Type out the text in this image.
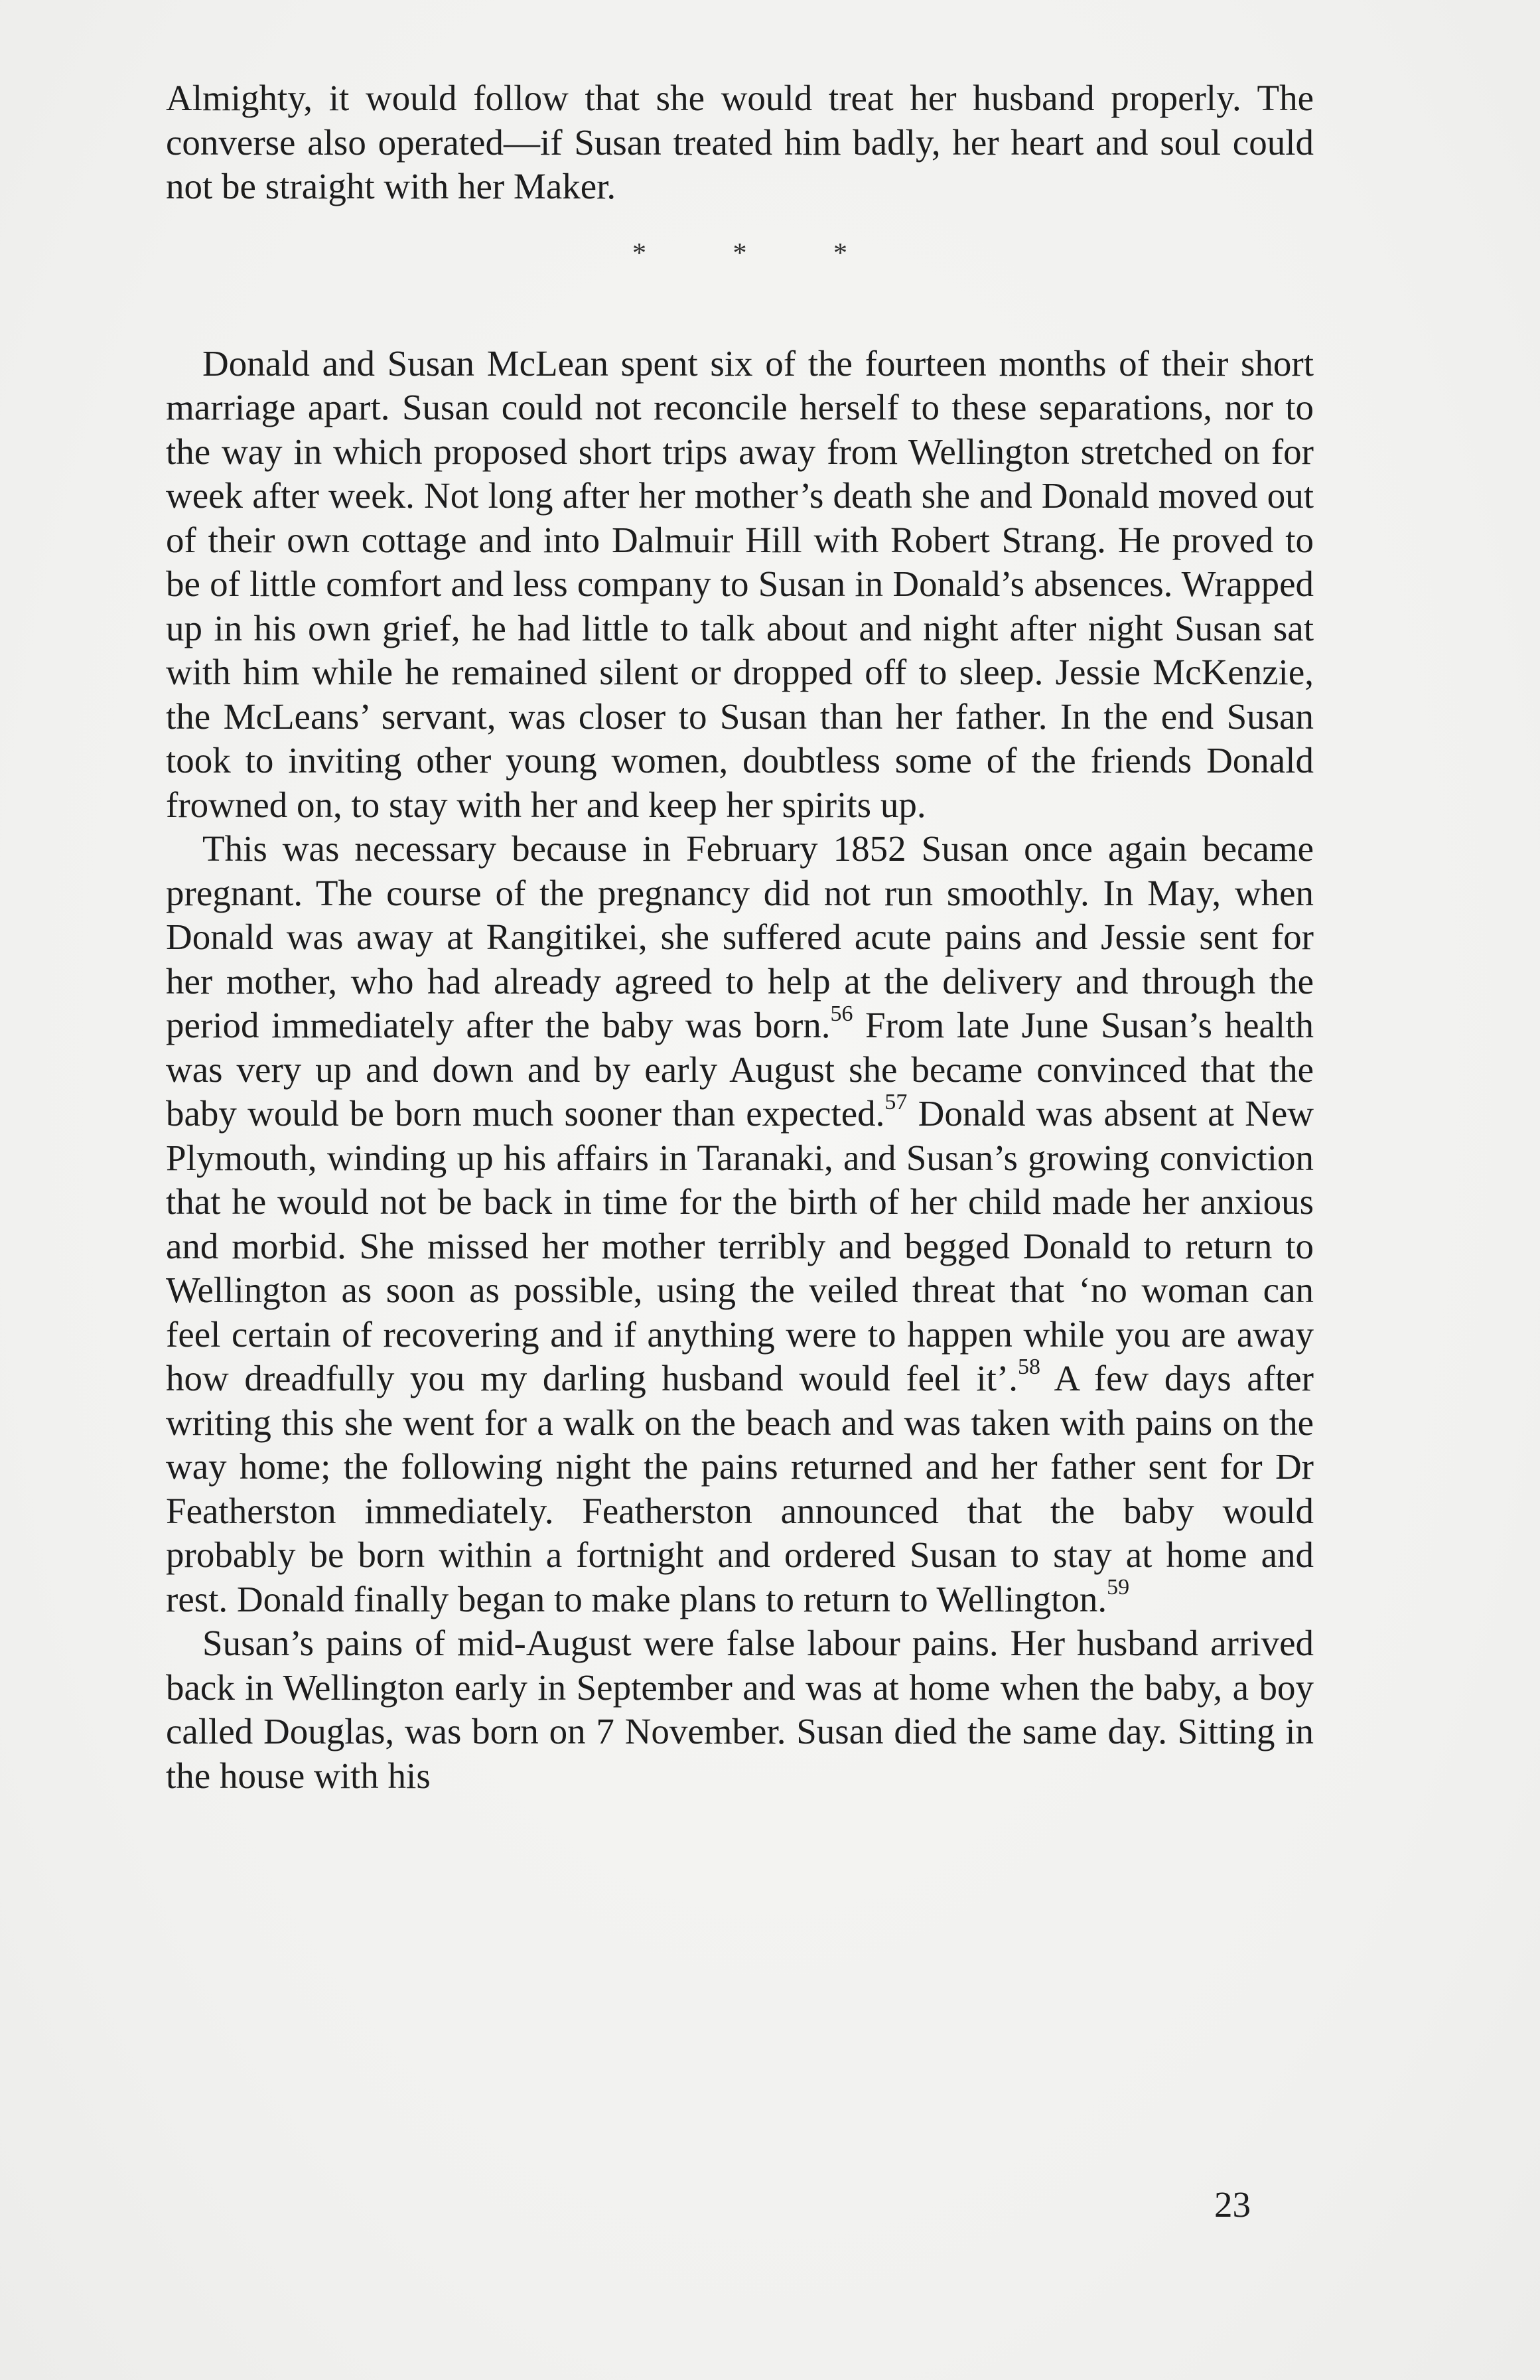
Almighty, it would follow that she would treat her husband properly. The converse also operated—if Susan treated him badly, her heart and soul could not be straight with her Maker.

* * *

Donald and Susan McLean spent six of the fourteen months of their short marriage apart. Susan could not reconcile herself to these separations, nor to the way in which proposed short trips away from Wellington stretched on for week after week. Not long after her mother’s death she and Donald moved out of their own cottage and into Dalmuir Hill with Robert Strang. He proved to be of little comfort and less company to Susan in Donald’s absences. Wrapped up in his own grief, he had little to talk about and night after night Susan sat with him while he remained silent or dropped off to sleep. Jessie McKenzie, the McLeans’ servant, was closer to Susan than her father. In the end Susan took to inviting other young women, doubtless some of the friends Donald frowned on, to stay with her and keep her spirits up.

This was necessary because in February 1852 Susan once again became pregnant. The course of the pregnancy did not run smoothly. In May, when Donald was away at Rangitikei, she suffered acute pains and Jessie sent for her mother, who had already agreed to help at the delivery and through the period immediately after the baby was born.$^{56}$ From late June Susan’s health was very up and down and by early August she became convinced that the baby would be born much sooner than expected.$^{57}$ Donald was absent at New Plymouth, winding up his affairs in Taranaki, and Susan’s growing conviction that he would not be back in time for the birth of her child made her anxious and morbid. She missed her mother terribly and begged Donald to return to Wellington as soon as possible, using the veiled threat that ‘no woman can feel certain of recovering and if anything were to happen while you are away how dreadfully you my darling husband would feel it’.$^{58}$ A few days after writing this she went for a walk on the beach and was taken with pains on the way home; the following night the pains returned and her father sent for Dr Featherston immediately. Featherston announced that the baby would probably be born within a fortnight and ordered Susan to stay at home and rest. Donald finally began to make plans to return to Wellington.$^{59}$

Susan’s pains of mid-August were false labour pains. Her husband arrived back in Wellington early in September and was at home when the baby, a boy called Douglas, was born on 7 November. Susan died the same day. Sitting in the house with his

23
